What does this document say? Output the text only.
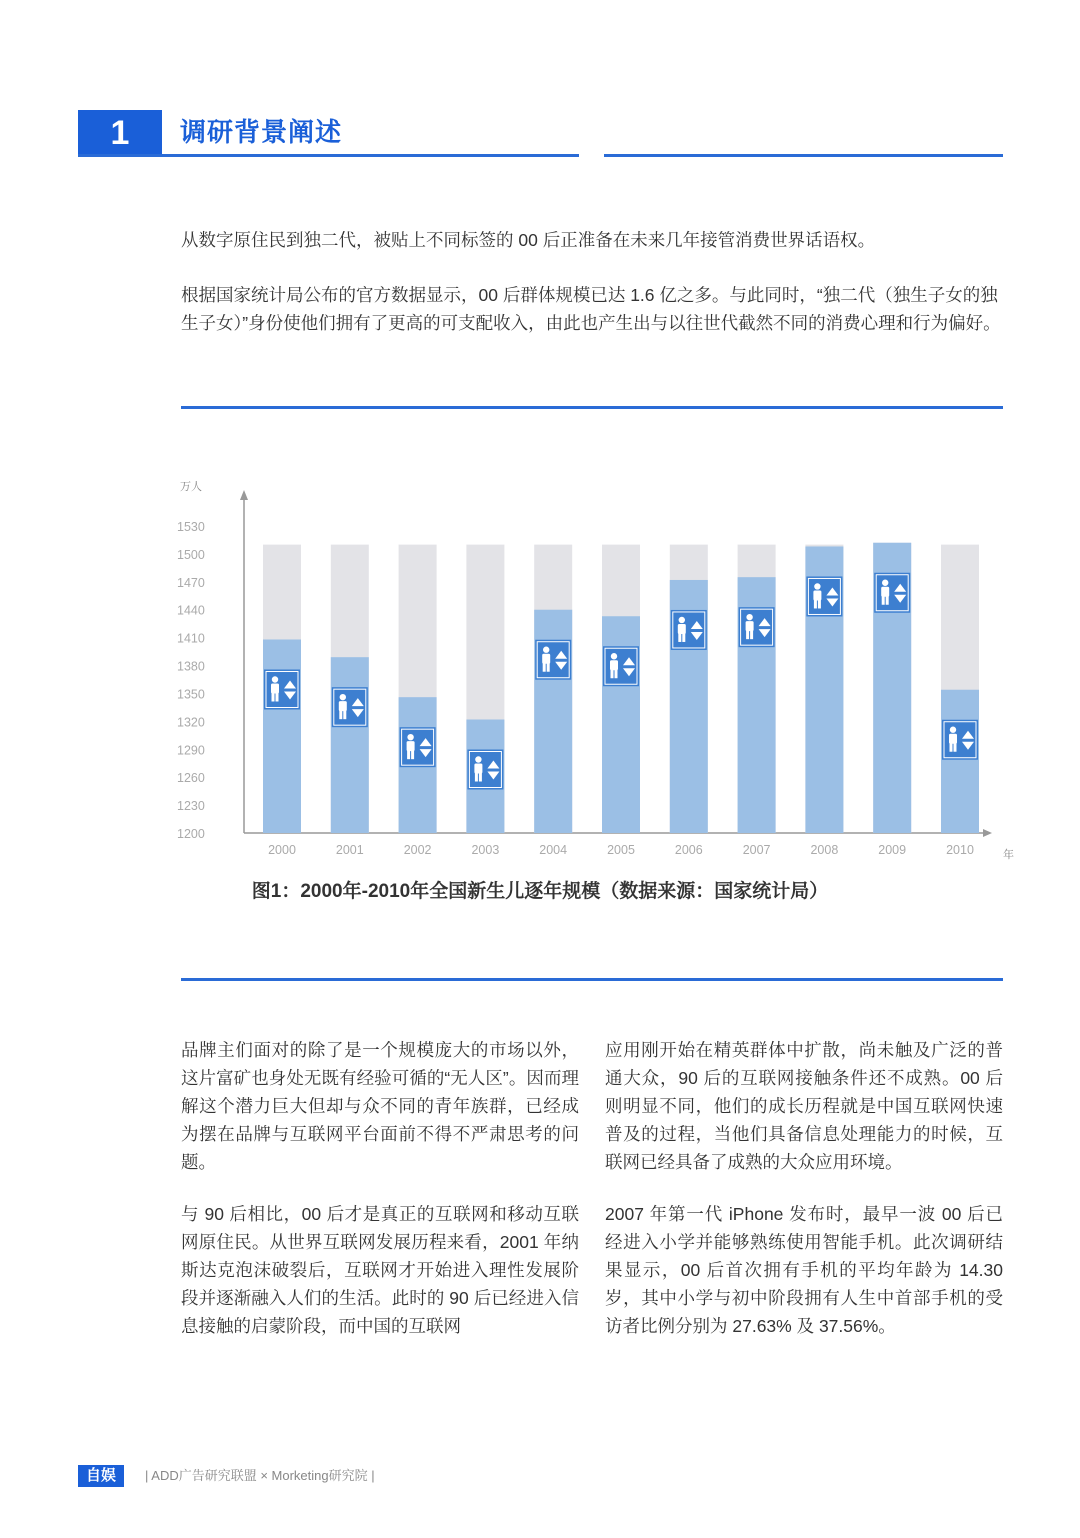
1	调研背景阐述
从数字原住民到独二代，被贴上不同标签的 00 后正准备在未来几年接管消费世界话语权。
根据国家统计局公布的官方数据显示，00 后群体规模已达 1.6 亿之多。与此同时，“独二代（独生子女的独生子女）”身份使他们拥有了更高的可支配收入，由此也产生出与以往世代截然不同的消费心理和行为偏好。
1200
1230
1260
1290
1320
1350
1380
1410
1440
1470
1500
1530
万人
年
2000	2001	2002	2003	2004	2005	2006	2007	2008	2009	2010
图1：2000年-2010年全国新生儿逐年规模（数据来源：国家统计局）

品牌主们面对的除了是一个规模庞大的市场以外，这片富矿也身处无既有经验可循的“无人区”。因而理解这个潜力巨大但却与众不同的青年族群，已经成为摆在品牌与互联网平台面前不得不严肃思考的问题。

与 90 后相比，00 后才是真正的互联网和移动互联网原住民。从世界互联网发展历程来看，2001 年纳斯达克泡沫破裂后，互联网才开始进入理性发展阶段并逐渐融入人们的生活。此时的 90 后已经进入信息接触的启蒙阶段，而中国的互联网

应用刚开始在精英群体中扩散，尚未触及广泛的普通大众，90 后的互联网接触条件还不成熟。00 后则明显不同，他们的成长历程就是中国互联网快速普及的过程，当他们具备信息处理能力的时候，互联网已经具备了成熟的大众应用环境。

2007 年第一代 iPhone 发布时，最早一波 00 后已经进入小学并能够熟练使用智能手机。此次调研结果显示，00 后首次拥有手机的平均年龄为 14.30 岁，其中小学与初中阶段拥有人生中首部手机的受访者比例分别为 27.63% 及 37.56%。

自娱	| ADD广告研究联盟 × Morketing研究院 |
